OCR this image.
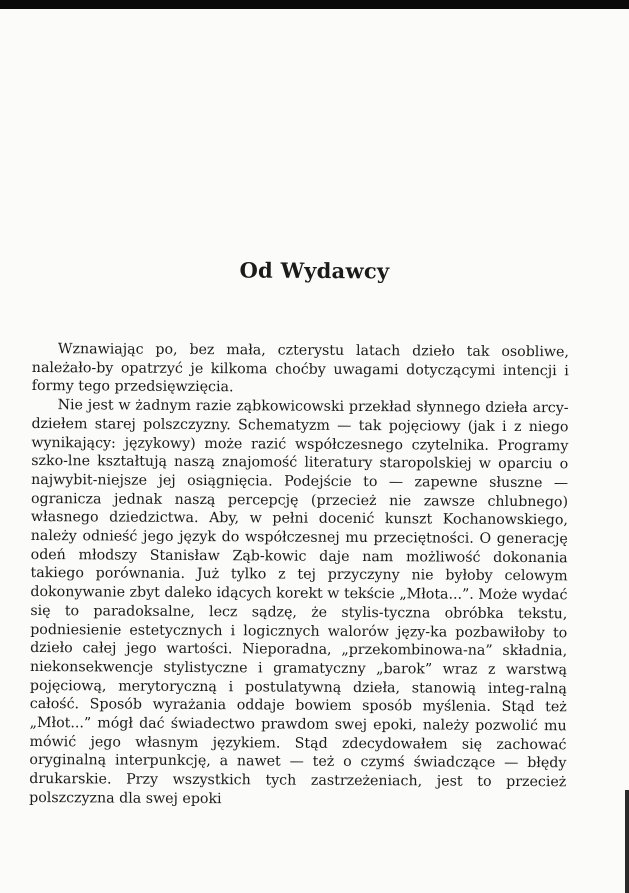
Od Wydawcy

Wznawiając po, bez mała, czterystu latach dzieło tak osobliwe, należało-by opatrzyć je kilkoma choćby uwagami dotyczącymi intencji i formy tego przedsięwzięcia.

Nie jest w żadnym razie ząbkowicowski przekład słynnego dzieła arcy-dziełem starej polszczyzny. Schematyzm — tak pojęciowy (jak i z niego wynikający: językowy) może razić współczesnego czytelnika. Programy szko-lne kształtują naszą znajomość literatury staropolskiej w oparciu o najwybit-niejsze jej osiągnięcia. Podejście to — zapewne słuszne — ogranicza jednak naszą percepcję (przecież nie zawsze chlubnego) własnego dziedzictwa. Aby, w pełni docenić kunszt Kochanowskiego, należy odnieść jego język do współczesnej mu przeciętności. O generację odeń młodszy Stanisław Ząb-kowic daje nam możliwość dokonania takiego porównania. Już tylko z tej przyczyny nie byłoby celowym dokonywanie zbyt daleko idących korekt w tekście „Młota...”. Może wydać się to paradoksalne, lecz sądzę, że stylis-tyczna obróbka tekstu, podniesienie estetycznych i logicznych walorów języ-ka pozbawiłoby to dzieło całej jego wartości. Nieporadna, „przekombinowa-na” składnia, niekonsekwencje stylistyczne i gramatyczny „barok” wraz z warstwą pojęciową, merytoryczną i postulatywną dzieła, stanowią integ-ralną całość. Sposób wyrażania oddaje bowiem sposób myślenia. Stąd też „Młot...” mógł dać świadectwo prawdom swej epoki, należy pozwolić mu mówić jego własnym językiem. Stąd zdecydowałem się zachować oryginalną interpunkcję, a nawet — też o czymś świadczące — błędy drukarskie. Przy wszystkich tych zastrzeżeniach, jest to przecież polszczyzna dla swej epoki
